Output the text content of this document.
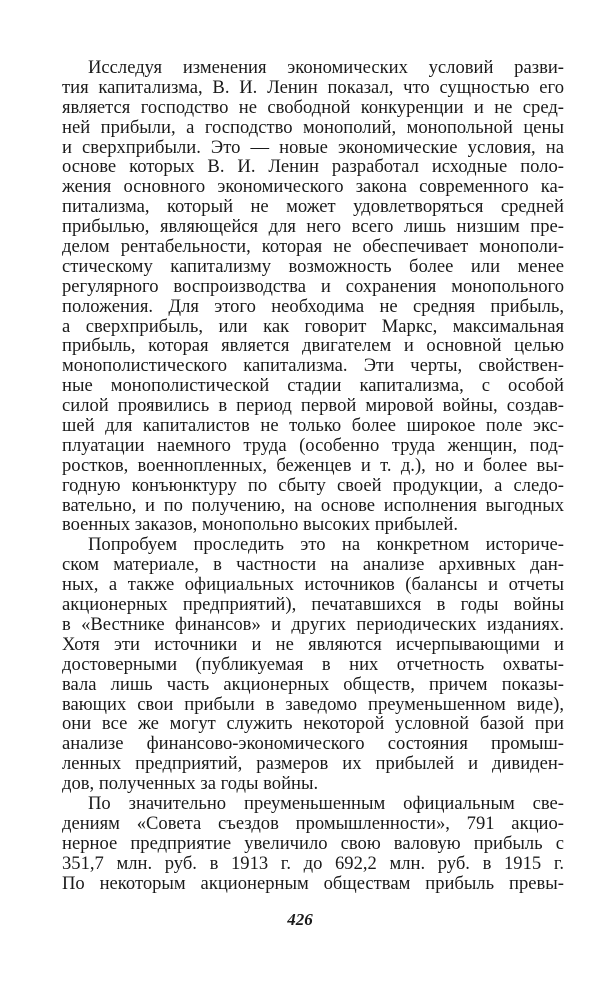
Исследуя изменения экономических условий разви-
тия капитализма, В. И. Ленин показал, что сущностью его
является господство не свободной конкуренции и не сред-
ней прибыли, а господство монополий, монопольной цены
и сверхприбыли. Это — новые экономические условия, на
основе которых В. И. Ленин разработал исходные поло-
жения основного экономического закона современного ка-
питализма, который не может удовлетворяться средней
прибылью, являющейся для него всего лишь низшим пре-
делом рентабельности, которая не обеспечивает монополи-
стическому капитализму возможность более или менее
регулярного воспроизводства и сохранения монопольного
положения. Для этого необходима не средняя прибыль,
а сверхприбыль, или как говорит Маркс, максимальная
прибыль, которая является двигателем и основной целью
монополистического капитализма. Эти черты, свойствен-
ные монополистической стадии капитализма, с особой
силой проявились в период первой мировой войны, создав-
шей для капиталистов не только более широкое поле экс-
плуатации наемного труда (особенно труда женщин, под-
ростков, военнопленных, беженцев и т. д.), но и более вы-
годную конъюнктуру по сбыту своей продукции, а следо-
вательно, и по получению, на основе исполнения выгодных
военных заказов, монопольно высоких прибылей.
Попробуем проследить это на конкретном историче-
ском материале, в частности на анализе архивных дан-
ных, а также официальных источников (балансы и отчеты
акционерных предприятий), печатавшихся в годы войны
в «Вестнике финансов» и других периодических изданиях.
Хотя эти источники и не являются исчерпывающими и
достоверными (публикуемая в них отчетность охваты-
вала лишь часть акционерных обществ, причем показы-
вающих свои прибыли в заведомо преуменьшенном виде),
они все же могут служить некоторой условной базой при
анализе финансово-экономического состояния промыш-
ленных предприятий, размеров их прибылей и дивиден-
дов, полученных за годы войны.
По значительно преуменьшенным официальным све-
дениям «Совета съездов промышленности», 791 акцио-
нерное предприятие увеличило свою валовую прибыль с
351,7 млн. руб. в 1913 г. до 692,2 млн. руб. в 1915 г.
По некоторым акционерным обществам прибыль превы-
426
